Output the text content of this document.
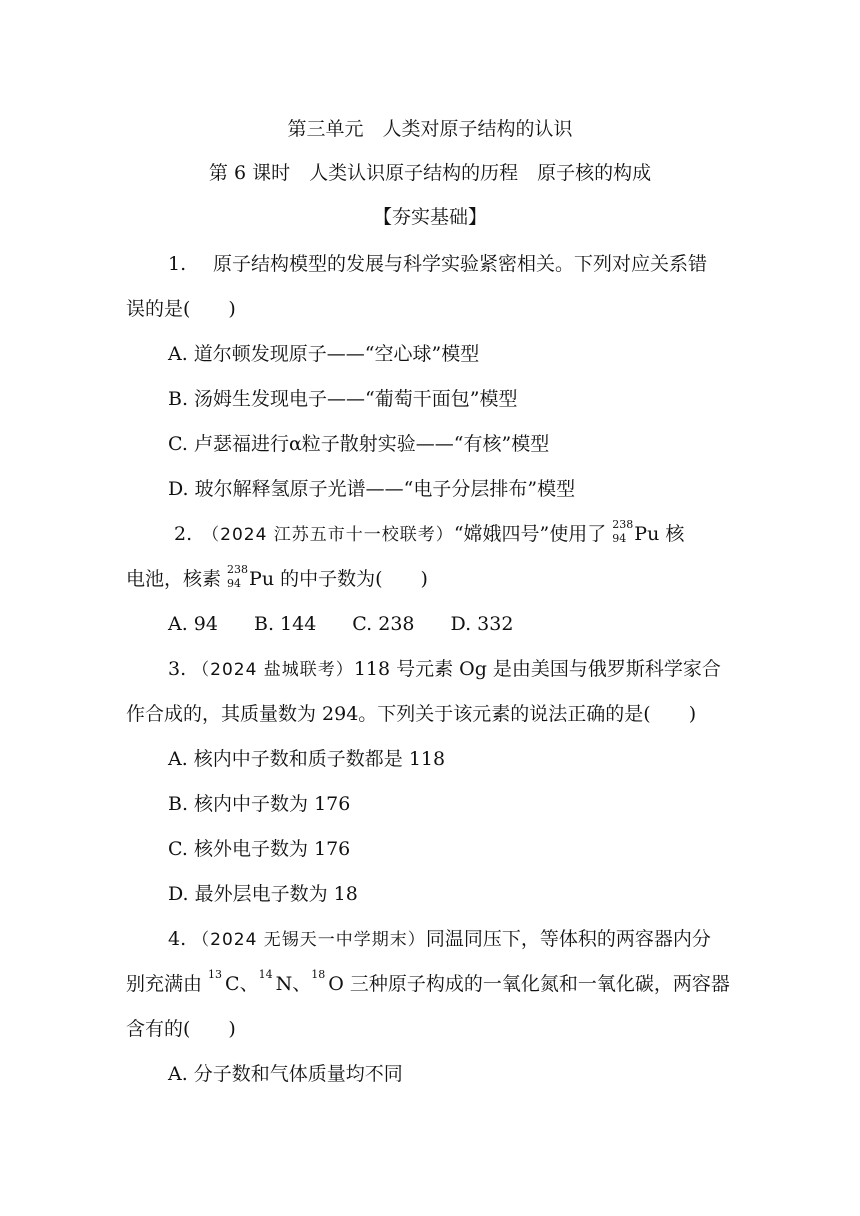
第三单元　人类对原子结构的认识
第 6 课时　人类认识原子结构的历程　原子核的构成
【夯实基础】
1. 原子结构模型的发展与科学实验紧密相关。下列对应关系错
误的是(　　)
A. 道尔顿发现原子——“空心球”模型
B. 汤姆生发现电子——“葡萄干面包”模型
C. 卢瑟福进行α粒子散射实验——“有核”模型
D. 玻尔解释氢原子光谱——“电子分层排布”模型
2. （2024 江苏五市十一校联考）“嫦娥四号”使用了 238
94 Pu 核
电池，核素 238
94 Pu 的中子数为(　　)
A. 94 B. 144 C. 238 D. 332
3. （2024 盐城联考）118 号元素 Og 是由美国与俄罗斯科学家合
作合成的，其质量数为 294。下列关于该元素的说法正确的是(　　)
A. 核内中子数和质子数都是 118
B. 核内中子数为 176
C. 核外电子数为 176
D. 最外层电子数为 18
4. （2024 无锡天一中学期末）同温同压下，等体积的两容器内分
别充满由 13 C、 14 N、 18 O 三种原子构成的一氧化氮和一氧化碳，两容器
含有的(　　)
A. 分子数和气体质量均不同
